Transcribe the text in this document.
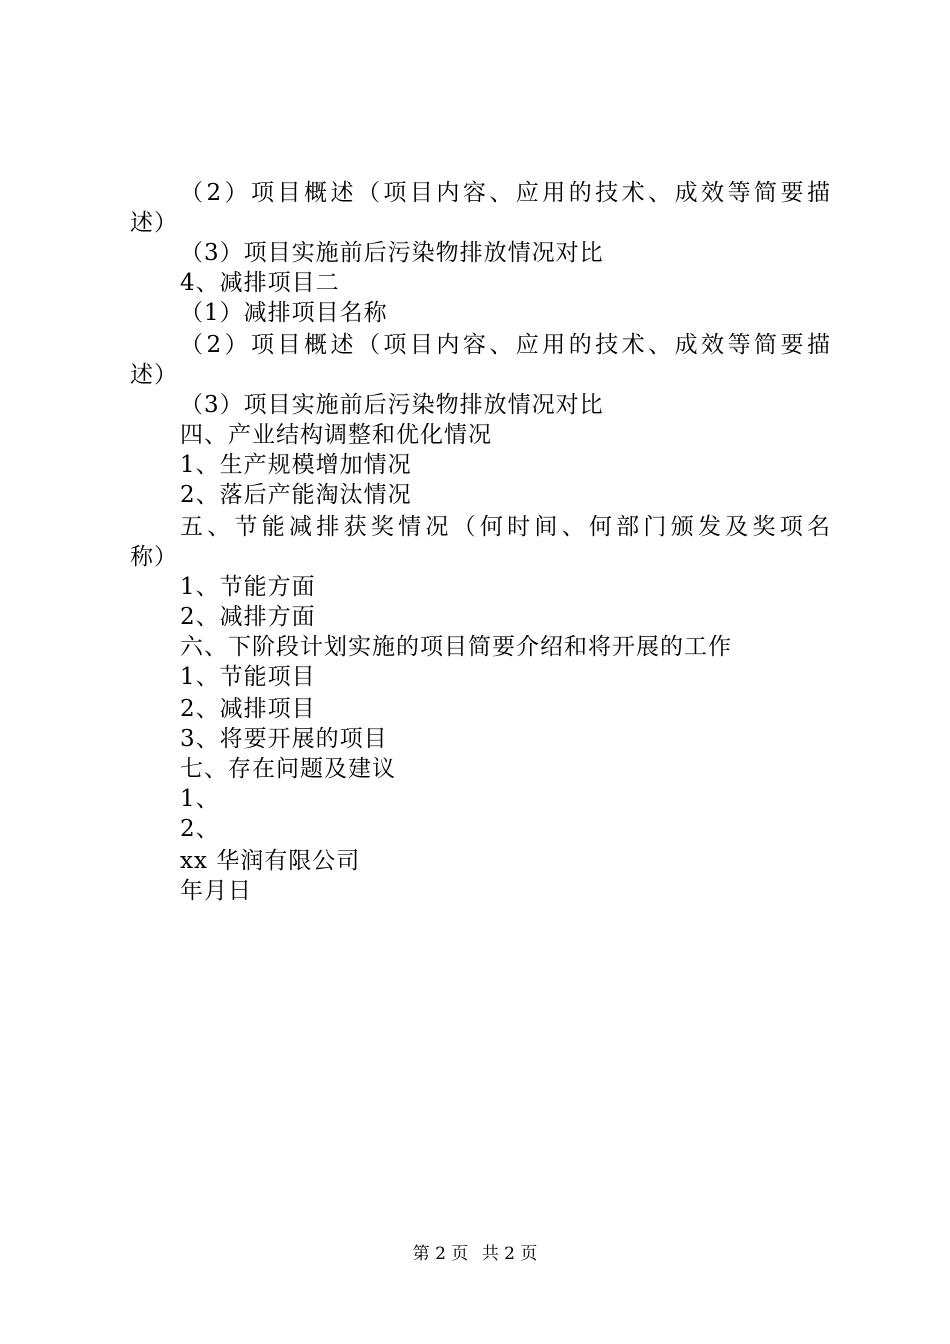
（2）项目概述（项目内容、应用的技术、成效等简要描
述）
（3）项目实施前后污染物排放情况对比
4、减排项目二
（1）减排项目名称
（2）项目概述（项目内容、应用的技术、成效等简要描
述）
（3）项目实施前后污染物排放情况对比
四、产业结构调整和优化情况
1、生产规模增加情况
2、落后产能淘汰情况
五、节能减排获奖情况（何时间、何部门颁发及奖项名
称）
1、节能方面
2、减排方面
六、下阶段计划实施的项目简要介绍和将开展的工作
1、节能项目
2、减排项目
3、将要开展的项目
七、存在问题及建议
1、
2、
xx 华润有限公司
年月日
第 2 页 共 2 页
